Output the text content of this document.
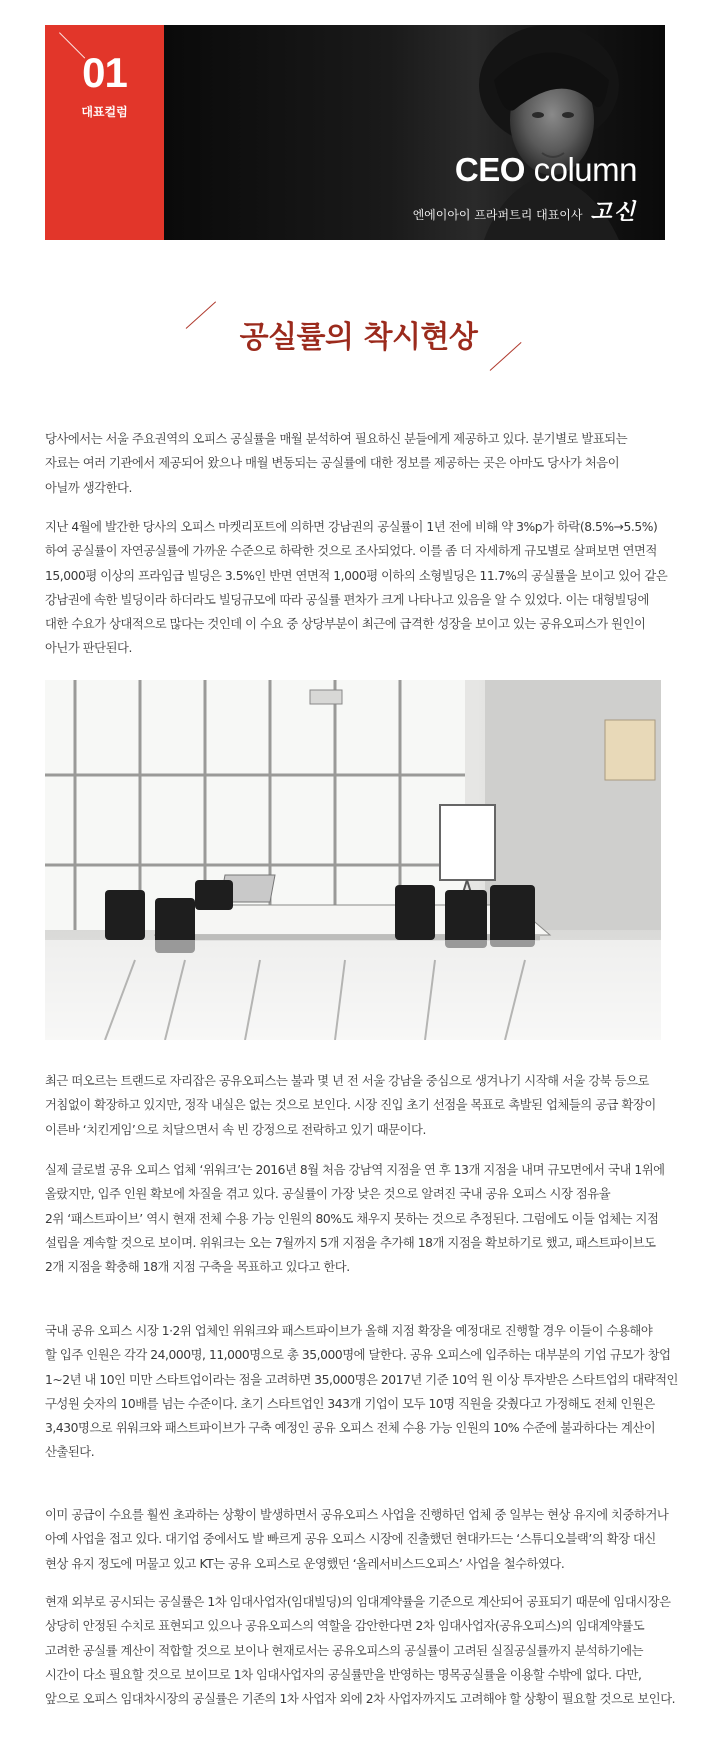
01
대표컬럼
CEO column
엔에이아이 프라퍼트리 대표이사 고신
공실률의 착시현상
당사에서는 서울 주요권역의 오피스 공실률을 매월 분석하여 필요하신 분들에게 제공하고 있다. 분기별로 발표되는
자료는 여러 기관에서 제공되어 왔으나 매월 변동되는 공실률에 대한 정보를 제공하는 곳은 아마도 당사가 처음이
아닐까 생각한다.
지난 4월에 발간한 당사의 오피스 마켓리포트에 의하면 강남권의 공실률이 1년 전에 비해 약 3%p가 하락(8.5%→5.5%)
하여 공실률이 자연공실률에 가까운 수준으로 하락한 것으로 조사되었다. 이를 좀 더 자세하게 규모별로 살펴보면 연면적
15,000평 이상의 프라임급 빌딩은 3.5%인 반면 연면적 1,000평 이하의 소형빌딩은 11.7%의 공실률을 보이고 있어 같은
강남권에 속한 빌딩이라 하더라도 빌딩규모에 따라 공실률 편차가 크게 나타나고 있음을 알 수 있었다. 이는 대형빌딩에
대한 수요가 상대적으로 많다는 것인데 이 수요 중 상당부분이 최근에 급격한 성장을 보이고 있는 공유오피스가 원인이
아닌가 판단된다.
최근 떠오르는 트랜드로 자리잡은 공유오피스는 불과 몇 년 전 서울 강남을 중심으로 생겨나기 시작해 서울 강북 등으로
거침없이 확장하고 있지만, 정작 내실은 없는 것으로 보인다. 시장 진입 초기 선점을 목표로 촉발된 업체들의 공급 확장이
이른바 ‘치킨게임’으로 치달으면서 속 빈 강정으로 전락하고 있기 때문이다.
실제 글로벌 공유 오피스 업체 ‘위워크’는 2016년 8월 처음 강남역 지점을 연 후 13개 지점을 내며 규모면에서 국내 1위에
올랐지만, 입주 인원 확보에 차질을 겪고 있다. 공실률이 가장 낮은 것으로 알려진 국내 공유 오피스 시장 점유율
2위 ‘패스트파이브’ 역시 현재 전체 수용 가능 인원의 80%도 채우지 못하는 것으로 추정된다. 그럼에도 이들 업체는 지점
설립을 계속할 것으로 보이며. 위워크는 오는 7월까지 5개 지점을 추가해 18개 지점을 확보하기로 했고, 패스트파이브도
2개 지점을 확충해 18개 지점 구축을 목표하고 있다고 한다.
국내 공유 오피스 시장 1·2위 업체인 위워크와 패스트파이브가 올해 지점 확장을 예정대로 진행할 경우 이들이 수용해야
할 입주 인원은 각각 24,000명, 11,000명으로 총 35,000명에 달한다. 공유 오피스에 입주하는 대부분의 기업 규모가 창업
1~2년 내 10인 미만 스타트업이라는 점을 고려하면 35,000명은 2017년 기준 10억 원 이상 투자받은 스타트업의 대략적인
구성원 숫자의 10배를 넘는 수준이다. 초기 스타트업인 343개 기업이 모두 10명 직원을 갖췄다고 가정해도 전체 인원은
3,430명으로 위워크와 패스트파이브가 구축 예정인 공유 오피스 전체 수용 가능 인원의 10% 수준에 불과하다는 계산이
산출된다.
이미 공급이 수요를 훨씬 초과하는 상황이 발생하면서 공유오피스 사업을 진행하던 업체 중 일부는 현상 유지에 치중하거나
아예 사업을 접고 있다. 대기업 중에서도 발 빠르게 공유 오피스 시장에 진출했던 현대카드는 ‘스튜디오블랙’의 확장 대신
현상 유지 정도에 머물고 있고 KT는 공유 오피스로 운영했던 ‘올레서비스드오피스’ 사업을 철수하였다.
현재 외부로 공시되는 공실률은 1차 임대사업자(임대빌딩)의 임대계약률을 기준으로 계산되어 공표되기 때문에 임대시장은
상당히 안정된 수치로 표현되고 있으나 공유오피스의 역할을 감안한다면 2차 임대사업자(공유오피스)의 임대계약률도
고려한 공실률 계산이 적합할 것으로 보이나 현재로서는 공유오피스의 공실률이 고려된 실질공실률까지 분석하기에는
시간이 다소 필요할 것으로 보이므로 1차 임대사업자의 공실률만을 반영하는 명목공실률을 이용할 수밖에 없다. 다만,
앞으로 오피스 임대차시장의 공실률은 기존의 1차 사업자 외에 2차 사업자까지도 고려해야 할 상황이 필요할 것으로 보인다.
